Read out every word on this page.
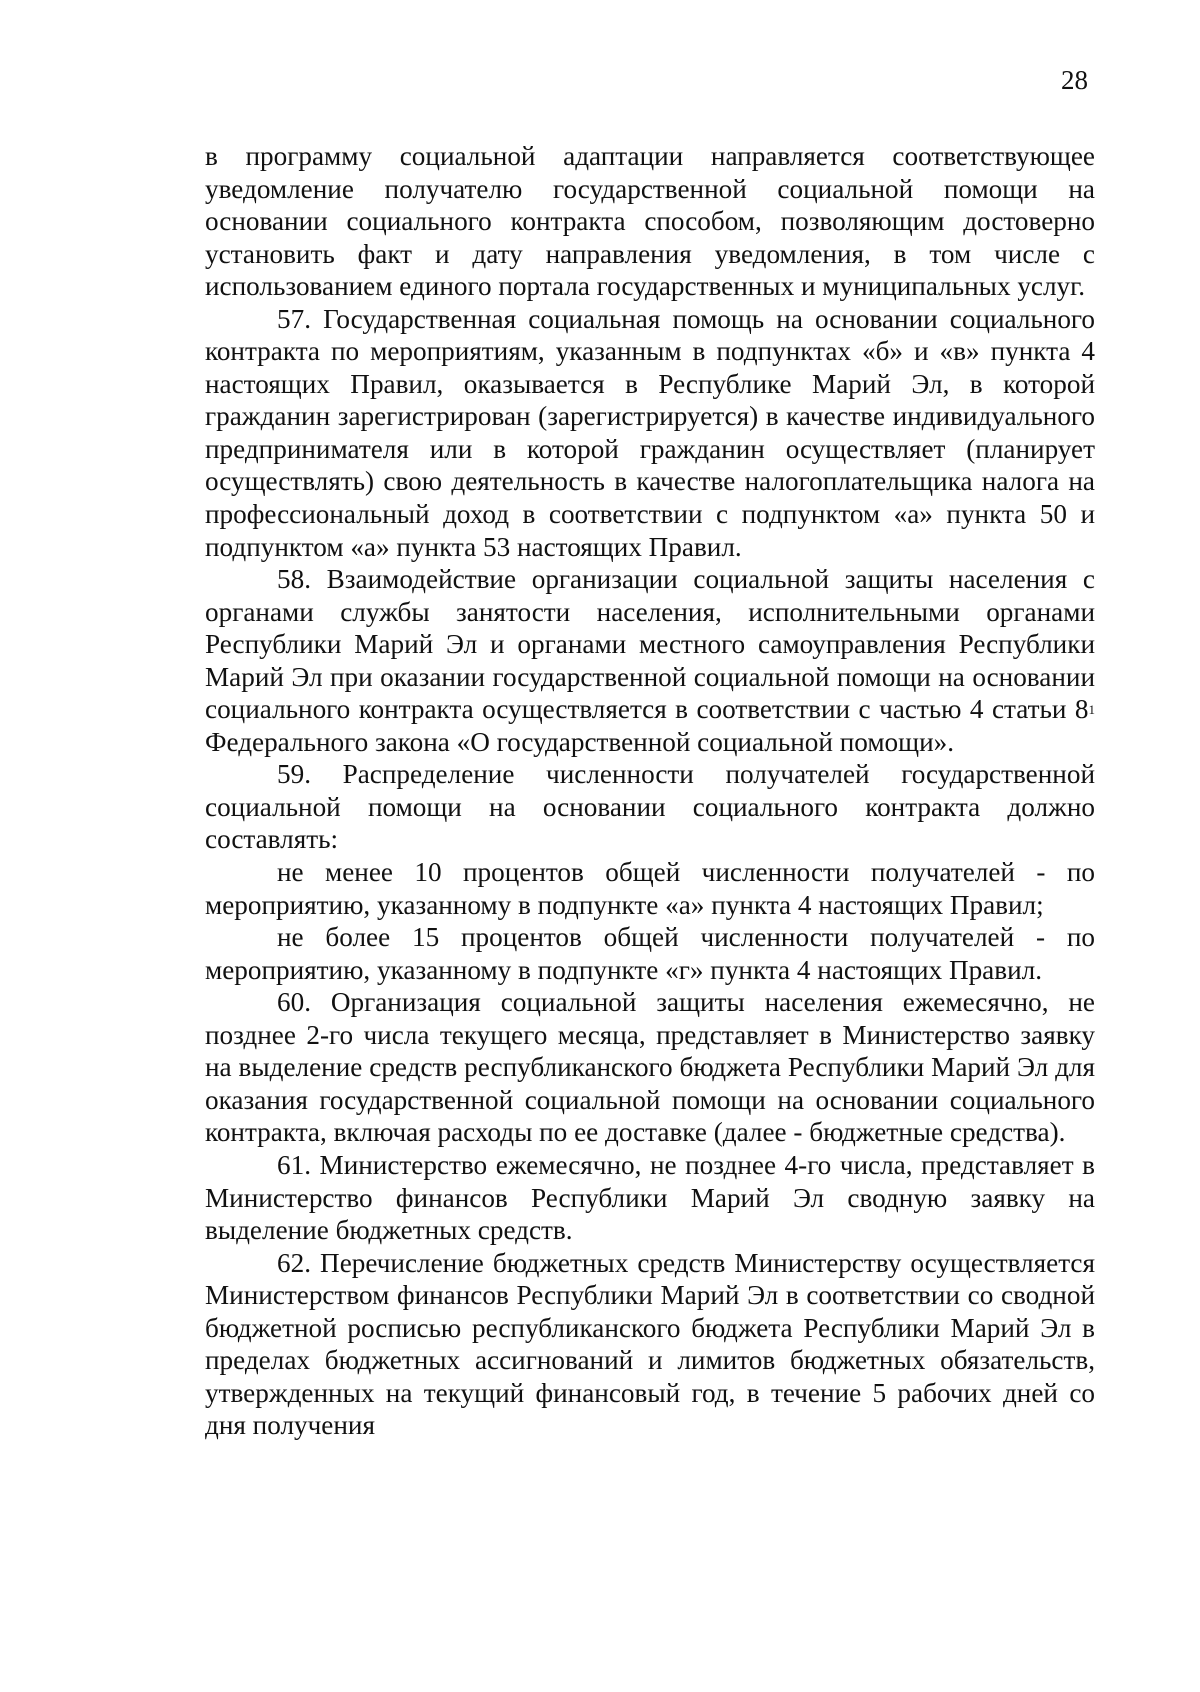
28

в программу социальной адаптации направляется соответствующее уведомление получателю государственной социальной помощи на основании социального контракта способом, позволяющим достоверно установить факт и дату направления уведомления, в том числе с использованием единого портала государственных и муниципальных услуг.

57. Государственная социальная помощь на основании социального контракта по мероприятиям, указанным в подпунктах «б» и «в» пункта 4 настоящих Правил, оказывается в Республике Марий Эл, в которой гражданин зарегистрирован (зарегистрируется) в качестве индивидуального предпринимателя или в которой гражданин осуществляет (планирует осуществлять) свою деятельность в качестве налогоплательщика налога на профессиональный доход в соответствии с подпунктом «а» пункта 50 и подпунктом «а» пункта 53 настоящих Правил.

58. Взаимодействие организации социальной защиты населения с органами службы занятости населения, исполнительными органами Республики Марий Эл и органами местного самоуправления Республики Марий Эл при оказании государственной социальной помощи на основании социального контракта осуществляется в соответствии с частью 4 статьи $8^1$ Федерального закона «О государственной социальной помощи».

59. Распределение численности получателей государственной социальной помощи на основании социального контракта должно составлять:

не менее 10 процентов общей численности получателей - по мероприятию, указанному в подпункте «а» пункта 4 настоящих Правил;

не более 15 процентов общей численности получателей - по мероприятию, указанному в подпункте «г» пункта 4 настоящих Правил.

60. Организация социальной защиты населения ежемесячно, не позднее 2-го числа текущего месяца, представляет в Министерство заявку на выделение средств республиканского бюджета Республики Марий Эл для оказания государственной социальной помощи на основании социального контракта, включая расходы по ее доставке (далее - бюджетные средства).

61. Министерство ежемесячно, не позднее 4-го числа, представляет в Министерство финансов Республики Марий Эл сводную заявку на выделение бюджетных средств.

62. Перечисление бюджетных средств Министерству осуществляется Министерством финансов Республики Марий Эл в соответствии со сводной бюджетной росписью республиканского бюджета Республики Марий Эл в пределах бюджетных ассигнований и лимитов бюджетных обязательств, утвержденных на текущий финансовый год, в течение 5 рабочих дней со дня получения
